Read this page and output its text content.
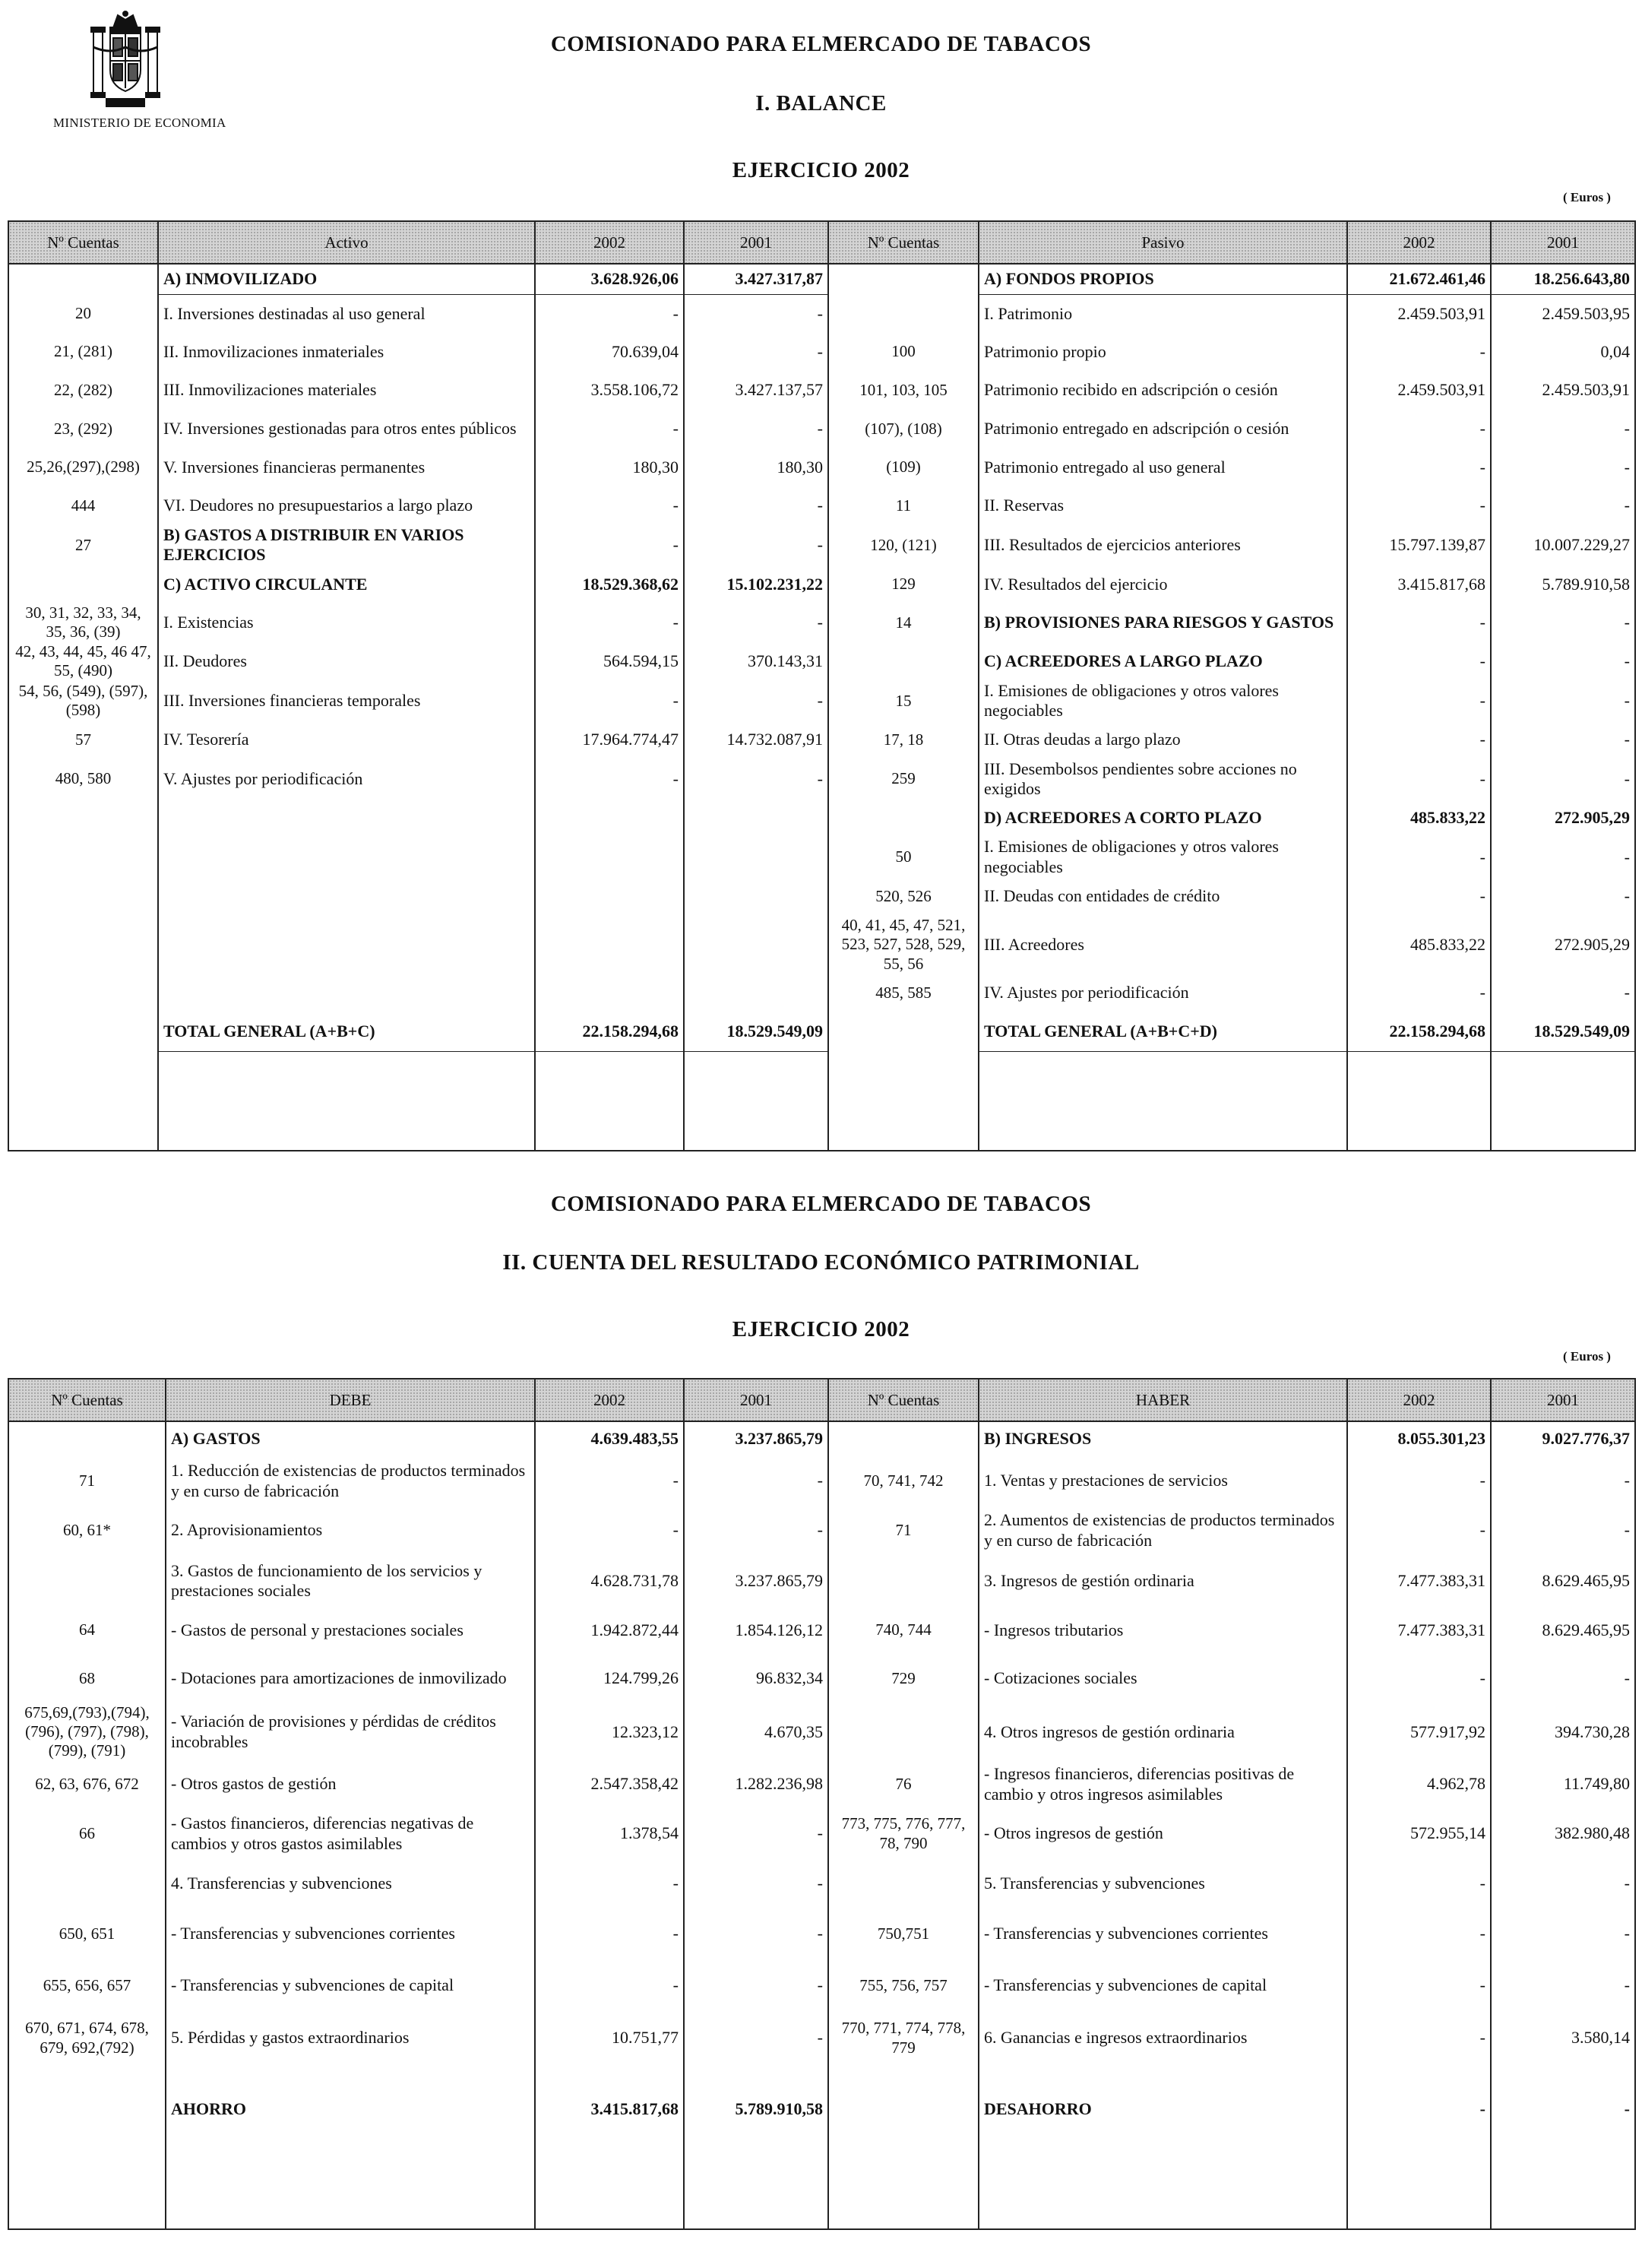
MINISTERIO DE ECONOMIA
COMISIONADO PARA ELMERCADO DE TABACOS
I. BALANCE
EJERCICIO 2002
( Euros )
Nº Cuentas	Activo	2002	2001	Nº Cuentas	Pasivo	2002	2001
	A) INMOVILIZADO	3.628.926,06	3.427.317,87		A) FONDOS PROPIOS	21.672.461,46	18.256.643,80
20	I. Inversiones destinadas al uso general	-	-		I. Patrimonio	2.459.503,91	2.459.503,95
21, (281)	II. Inmovilizaciones inmateriales	70.639,04	-	100	Patrimonio propio	-	0,04
22, (282)	III. Inmovilizaciones materiales	3.558.106,72	3.427.137,57	101, 103, 105	Patrimonio recibido en adscripción o cesión	2.459.503,91	2.459.503,91
23, (292)	IV. Inversiones gestionadas para otros entes públicos	-	-	(107), (108)	Patrimonio entregado en adscripción o cesión	-	-
25,26,(297),(298)	V. Inversiones financieras permanentes	180,30	180,30	(109)	Patrimonio entregado al uso general	-	-
444	VI. Deudores no presupuestarios a largo plazo	-	-	11	II. Reservas	-	-
27	B) GASTOS A DISTRIBUIR EN VARIOS EJERCICIOS	-	-	120, (121)	III. Resultados de ejercicios anteriores	15.797.139,87	10.007.229,27
	C) ACTIVO CIRCULANTE	18.529.368,62	15.102.231,22	129	IV. Resultados del ejercicio	3.415.817,68	5.789.910,58
30, 31, 32, 33, 34, 35, 36, (39)	I. Existencias	-	-	14	B) PROVISIONES PARA RIESGOS Y GASTOS	-	-
42, 43, 44, 45, 46 47, 55, (490)	II. Deudores	564.594,15	370.143,31		C) ACREEDORES A LARGO PLAZO	-	-
54, 56, (549), (597), (598)	III. Inversiones financieras temporales	-	-	15	I. Emisiones de obligaciones y otros valores negociables	-	-
57	IV. Tesorería	17.964.774,47	14.732.087,91	17, 18	II. Otras deudas a largo plazo	-	-
480, 580	V. Ajustes por periodificación	-	-	259	III. Desembolsos pendientes sobre acciones no exigidos	-	-
					D) ACREEDORES A CORTO PLAZO	485.833,22	272.905,29
				50	I. Emisiones de obligaciones y otros valores negociables	-	-
				520, 526	II. Deudas con entidades de crédito	-	-
				40, 41, 45, 47, 521, 523, 527, 528, 529, 55, 56	III. Acreedores	485.833,22	272.905,29
				485, 585	IV. Ajustes por periodificación	-	-
	TOTAL GENERAL (A+B+C)	22.158.294,68	18.529.549,09		TOTAL GENERAL (A+B+C+D)	22.158.294,68	18.529.549,09

COMISIONADO PARA ELMERCADO DE TABACOS
II. CUENTA DEL RESULTADO ECONÓMICO PATRIMONIAL
EJERCICIO 2002
( Euros )
Nº Cuentas	DEBE	2002	2001	Nº Cuentas	HABER	2002	2001
	A) GASTOS	4.639.483,55	3.237.865,79		B) INGRESOS	8.055.301,23	9.027.776,37
71	1. Reducción de existencias de productos terminados y en curso de fabricación	-	-	70, 741, 742	1. Ventas y prestaciones de servicios	-	-
60, 61*	2. Aprovisionamientos	-	-	71	2. Aumentos de existencias de productos terminados y en curso de fabricación	-	-
	3. Gastos de funcionamiento de los servicios y prestaciones sociales	4.628.731,78	3.237.865,79		3. Ingresos de gestión ordinaria	7.477.383,31	8.629.465,95
64	- Gastos de personal y prestaciones sociales	1.942.872,44	1.854.126,12	740, 744	- Ingresos tributarios	7.477.383,31	8.629.465,95
68	- Dotaciones para amortizaciones de inmovilizado	124.799,26	96.832,34	729	- Cotizaciones sociales	-	-
675,69,(793),(794), (796), (797), (798), (799), (791)	- Variación de provisiones y pérdidas de créditos incobrables	12.323,12	4.670,35		4. Otros ingresos de gestión ordinaria	577.917,92	394.730,28
62, 63, 676, 672	- Otros gastos de gestión	2.547.358,42	1.282.236,98	76	- Ingresos financieros, diferencias positivas de cambio y otros ingresos asimilables	4.962,78	11.749,80
66	- Gastos financieros, diferencias negativas de cambios y otros gastos asimilables	1.378,54	-	773, 775, 776, 777, 78, 790	- Otros ingresos de gestión	572.955,14	382.980,48
	4. Transferencias y subvenciones	-	-		5. Transferencias y subvenciones	-	-
650, 651	- Transferencias y subvenciones corrientes	-	-	750,751	- Transferencias y subvenciones corrientes	-	-
655, 656, 657	- Transferencias y subvenciones de capital	-	-	755, 756, 757	- Transferencias y subvenciones de capital	-	-
670, 671, 674, 678, 679, 692,(792)	5. Pérdidas y gastos extraordinarios	10.751,77	-	770, 771, 774, 778, 779	6. Ganancias e ingresos extraordinarios	-	3.580,14
	AHORRO	3.415.817,68	5.789.910,58		DESAHORRO	-	-
